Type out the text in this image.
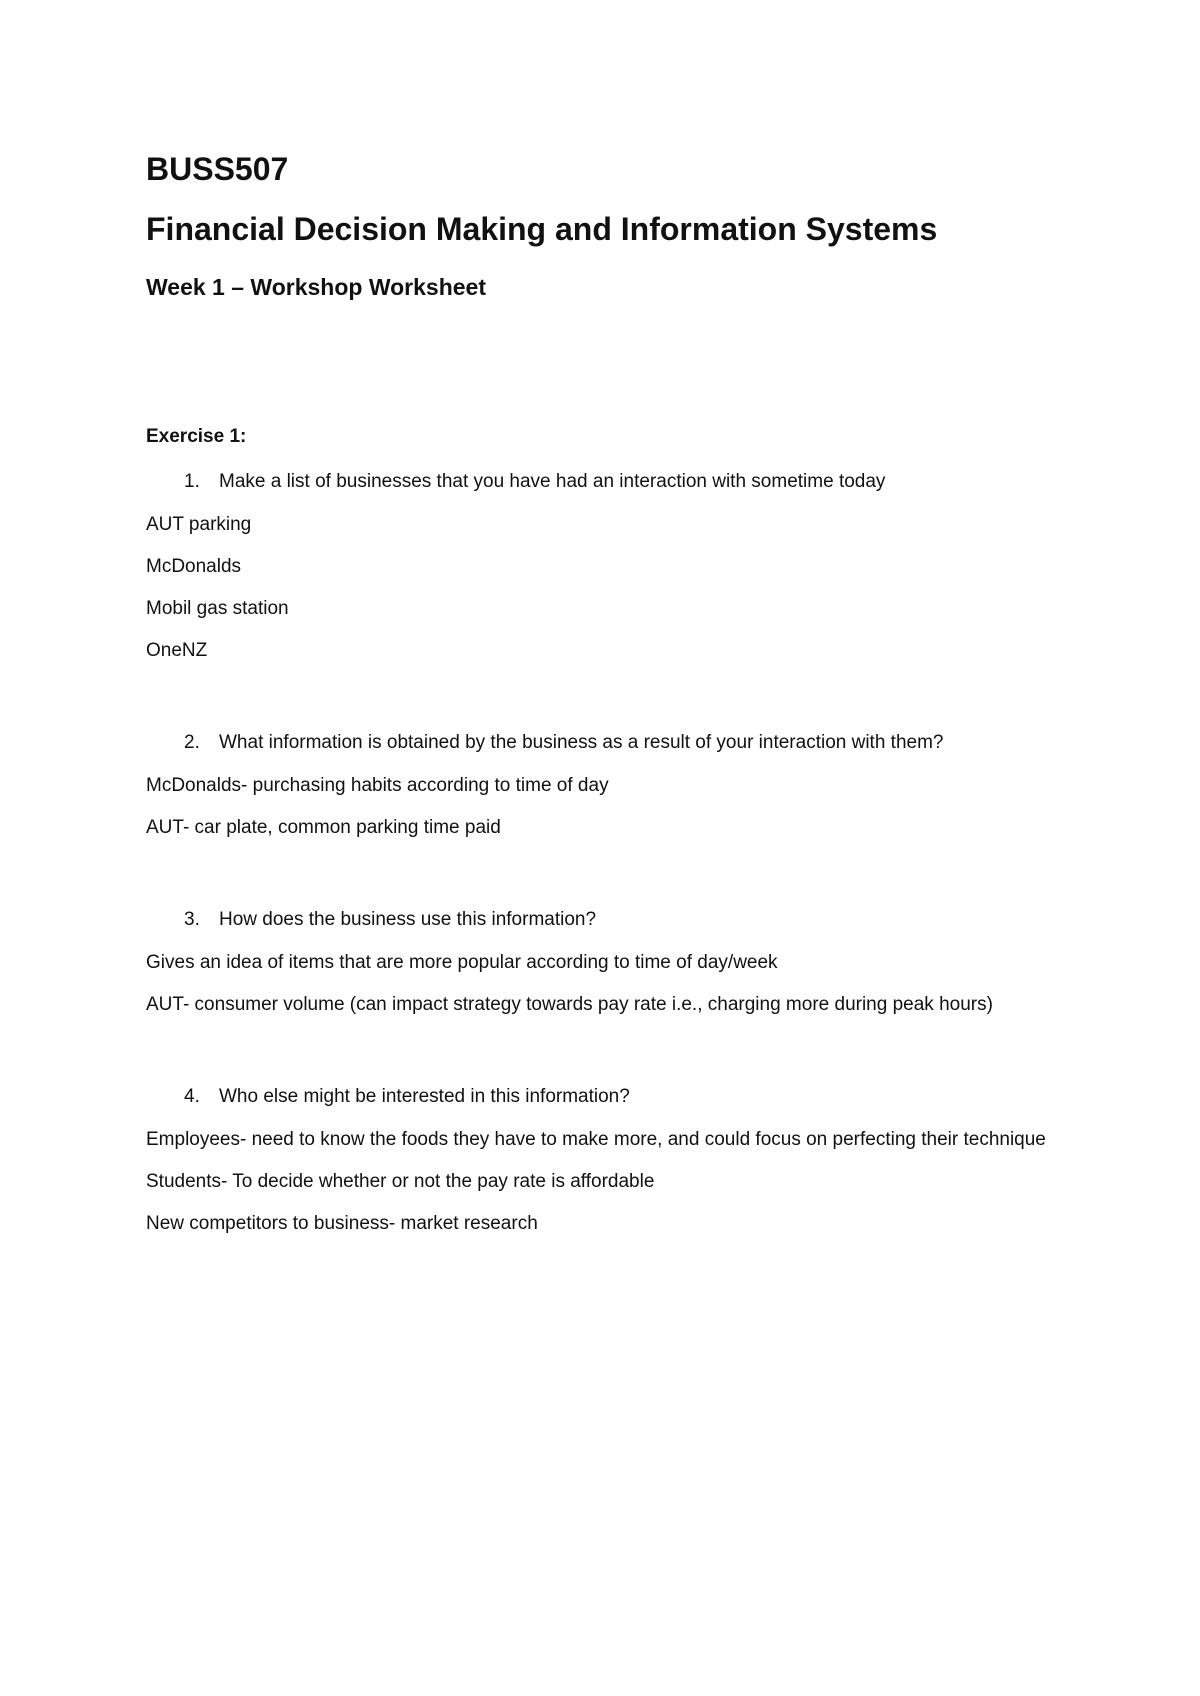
BUSS507
Financial Decision Making and Information Systems
Week 1 – Workshop Worksheet
Exercise 1:
1.	Make a list of businesses that you have had an interaction with sometime today
AUT parking
McDonalds
Mobil gas station
OneNZ
2.	What information is obtained by the business as a result of your interaction with them?
McDonalds- purchasing habits according to time of day
AUT- car plate, common parking time paid
3.	How does the business use this information?
Gives an idea of items that are more popular according to time of day/week
AUT- consumer volume (can impact strategy towards pay rate i.e., charging more during peak hours)
4.	Who else might be interested in this information?
Employees- need to know the foods they have to make more, and could focus on perfecting their technique
Students- To decide whether or not the pay rate is affordable
New competitors to business- market research
